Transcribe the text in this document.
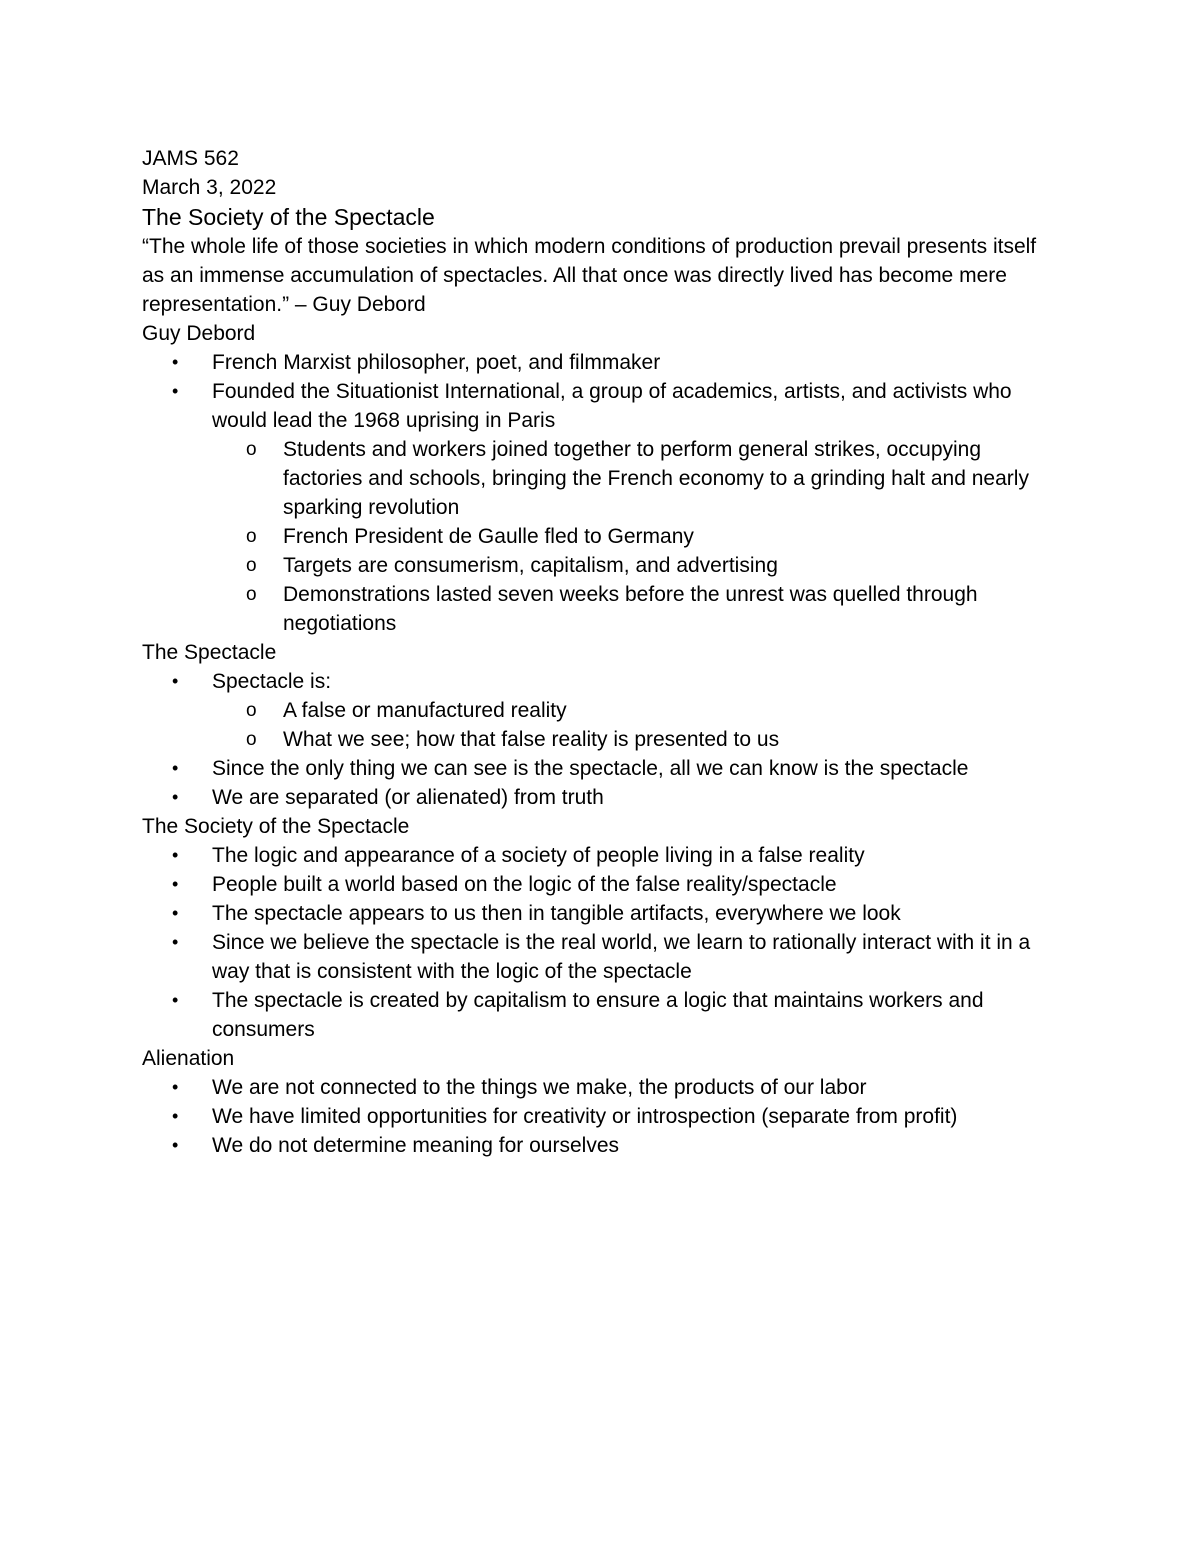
JAMS 562

March 3, 2022

The Society of the Spectacle

“The whole life of those societies in which modern conditions of production prevail presents itself as an immense accumulation of spectacles. All that once was directly lived has become mere representation.” – Guy Debord

Guy Debord

• French Marxist philosopher, poet, and filmmaker
• Founded the Situationist International, a group of academics, artists, and activists who would lead the 1968 uprising in Paris
o Students and workers joined together to perform general strikes, occupying factories and schools, bringing the French economy to a grinding halt and nearly sparking revolution
o French President de Gaulle fled to Germany
o Targets are consumerism, capitalism, and advertising
o Demonstrations lasted seven weeks before the unrest was quelled through negotiations

The Spectacle

• Spectacle is:
o A false or manufactured reality
o What we see; how that false reality is presented to us
• Since the only thing we can see is the spectacle, all we can know is the spectacle
• We are separated (or alienated) from truth

The Society of the Spectacle

• The logic and appearance of a society of people living in a false reality
• People built a world based on the logic of the false reality/spectacle
• The spectacle appears to us then in tangible artifacts, everywhere we look
• Since we believe the spectacle is the real world, we learn to rationally interact with it in a way that is consistent with the logic of the spectacle
• The spectacle is created by capitalism to ensure a logic that maintains workers and consumers

Alienation

• We are not connected to the things we make, the products of our labor
• We have limited opportunities for creativity or introspection (separate from profit)
• We do not determine meaning for ourselves
